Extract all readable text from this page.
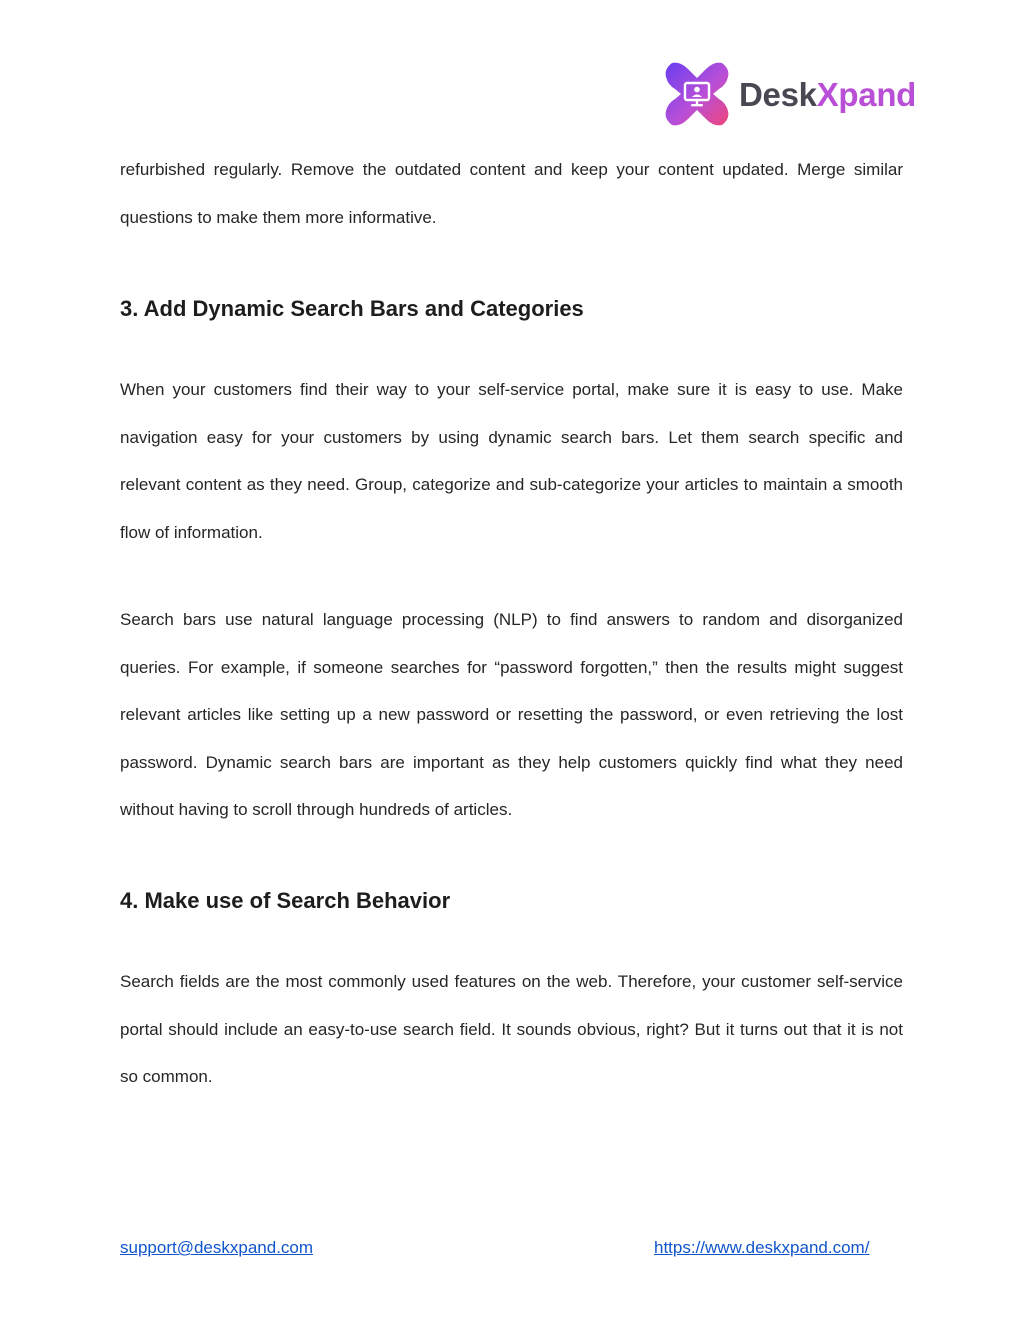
DeskXpand

refurbished regularly. Remove the outdated content and keep your content updated. Merge similar questions to make them more informative.

3. Add Dynamic Search Bars and Categories

When your customers find their way to your self-service portal, make sure it is easy to use. Make navigation easy for your customers by using dynamic search bars. Let them search specific and relevant content as they need. Group, categorize and sub-categorize your articles to maintain a smooth flow of information.

Search bars use natural language processing (NLP) to find answers to random and disorganized queries. For example, if someone searches for “password forgotten,” then the results might suggest relevant articles like setting up a new password or resetting the password, or even retrieving the lost password. Dynamic search bars are important as they help customers quickly find what they need without having to scroll through hundreds of articles.

4. Make use of Search Behavior

Search fields are the most commonly used features on the web. Therefore, your customer self-service portal should include an easy-to-use search field. It sounds obvious, right? But it turns out that it is not so common.

support@deskxpand.com	https://www.deskxpand.com/
